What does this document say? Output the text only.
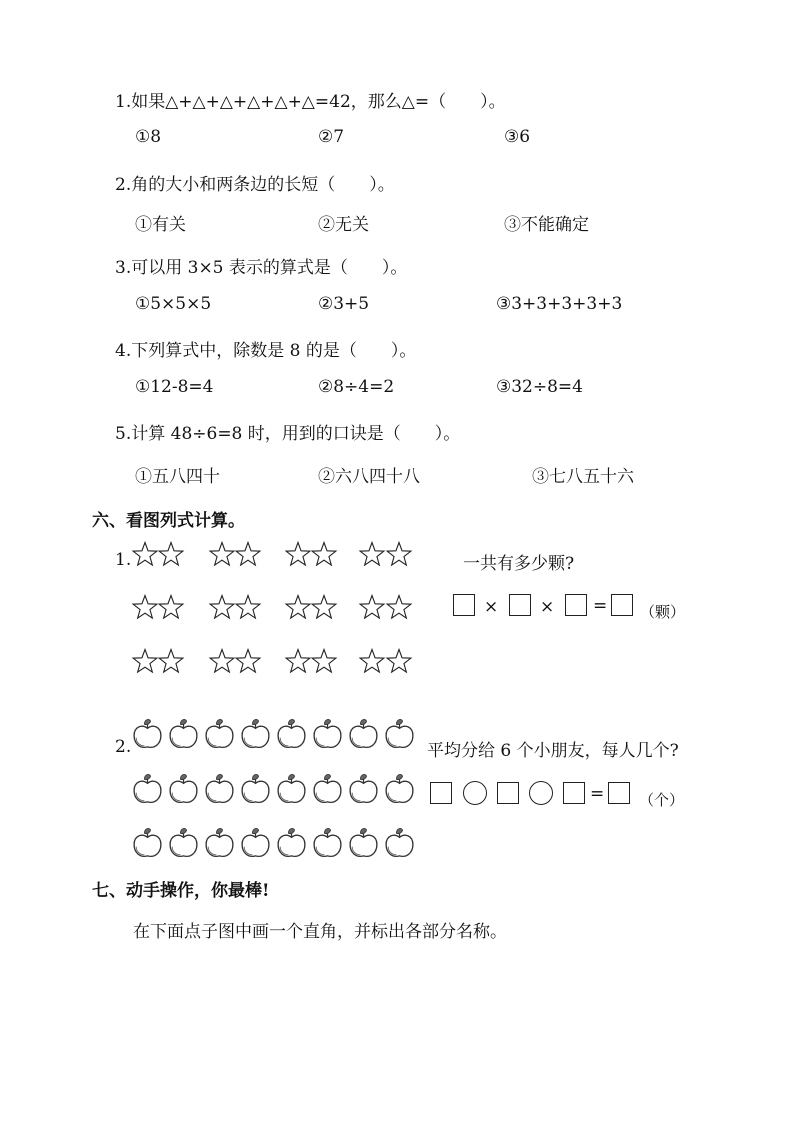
1.如果△+△+△+△+△+△=42，那么△=（　　）。
①8	②7	③6
2.角的大小和两条边的长短（　　）。
①有关	②无关	③不能确定
3.可以用 3×5 表示的算式是（　　）。
①5×5×5	②3+5	③3+3+3+3+3
4.下列算式中，除数是 8 的是（　　）。
①12-8=4	②8÷4=2	③32÷8=4
5.计算 48÷6=8 时，用到的口诀是（　　）。
①五八四十	②六八四十八	③七八五十六
六、看图列式计算。
1.	一共有多少颗?
× × = （颗）
2.	平均分给 6 个小朋友，每人几个?
= （个）
七、动手操作，你最棒!
在下面点子图中画一个直角，并标出各部分名称。
